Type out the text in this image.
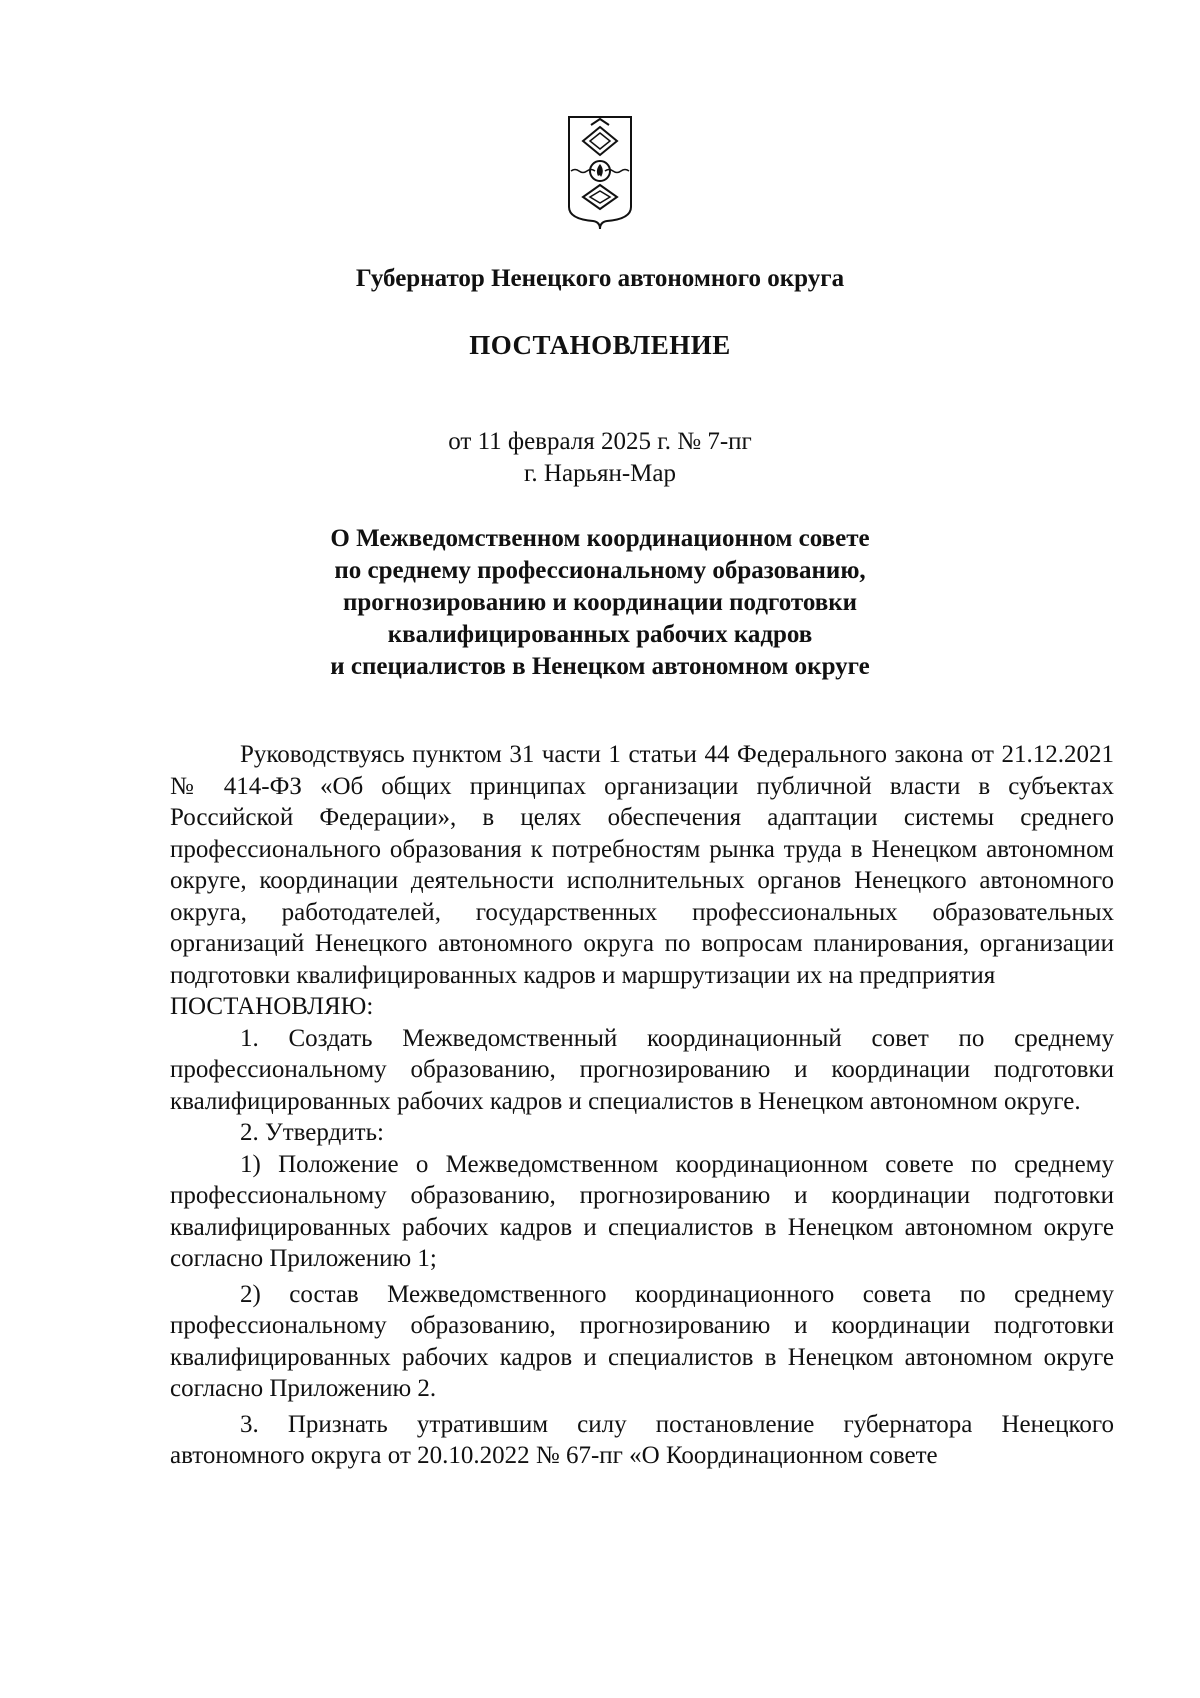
Губернатор Ненецкого автономного округа
ПОСТАНОВЛЕНИЕ
от 11 февраля 2025 г. № 7-пг
г. Нарьян-Мар
О Межведомственном координационном совете
по среднему профессиональному образованию,
прогнозированию и координации подготовки
квалифицированных рабочих кадров
и специалистов в Ненецком автономном округе

Руководствуясь пунктом 31 части 1 статьи 44 Федерального закона от 21.12.2021 № 414-ФЗ «Об общих принципах организации публичной власти в субъектах Российской Федерации», в целях обеспечения адаптации системы среднего профессионального образования к потребностям рынка труда в Ненецком автономном округе, координации деятельности исполнительных органов Ненецкого автономного округа, работодателей, государственных профессиональных образовательных организаций Ненецкого автономного округа по вопросам планирования, организации подготовки квалифицированных кадров и маршрутизации их на предприятия

ПОСТАНОВЛЯЮ:

1. Создать Межведомственный координационный совет по среднему профессиональному образованию, прогнозированию и координации подготовки квалифицированных рабочих кадров и специалистов в Ненецком автономном округе.

2. Утвердить:

1) Положение о Межведомственном координационном совете по среднему профессиональному образованию, прогнозированию и координации подготовки квалифицированных рабочих кадров и специалистов в Ненецком автономном округе согласно Приложению 1;

2) состав Межведомственного координационного совета по среднему профессиональному образованию, прогнозированию и координации подготовки квалифицированных рабочих кадров и специалистов в Ненецком автономном округе согласно Приложению 2.

3. Признать утратившим силу постановление губернатора Ненецкого автономного округа от 20.10.2022 № 67-пг «О Координационном совете
